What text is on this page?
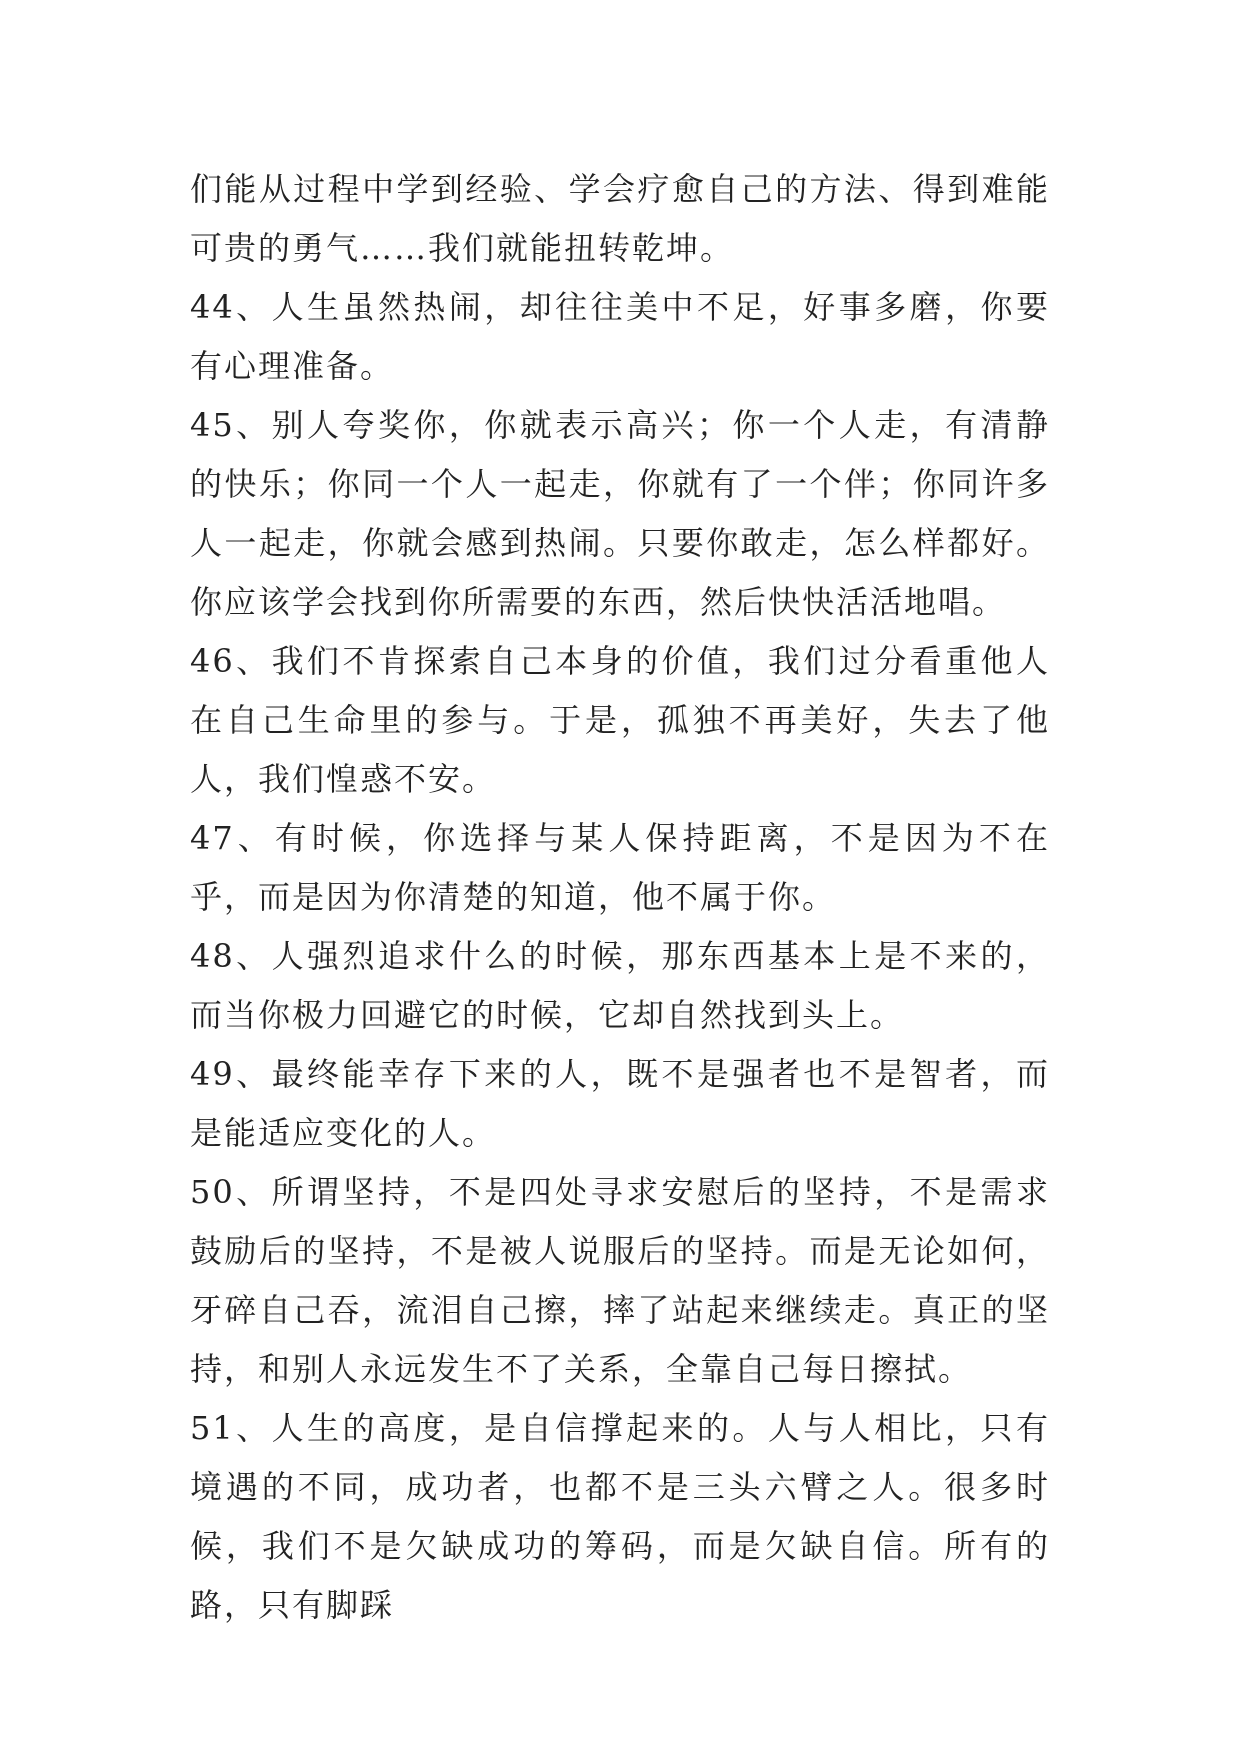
们能从过程中学到经验、学会疗愈自己的方法、得到难能可贵的勇气……我们就能扭转乾坤。

44、人生虽然热闹，却往往美中不足，好事多磨，你要有心理准备。

45、别人夸奖你，你就表示高兴；你一个人走，有清静的快乐；你同一个人一起走，你就有了一个伴；你同许多人一起走，你就会感到热闹。只要你敢走，怎么样都好。你应该学会找到你所需要的东西，然后快快活活地唱。

46、我们不肯探索自己本身的价值，我们过分看重他人在自己生命里的参与。于是，孤独不再美好，失去了他人，我们惶惑不安。

47、有时候，你选择与某人保持距离，不是因为不在乎，而是因为你清楚的知道，他不属于你。

48、人强烈追求什么的时候，那东西基本上是不来的， 而当你极力回避它的时候，它却自然找到头上。

49、最终能幸存下来的人，既不是强者也不是智者，而是能适应变化的人。

50、所谓坚持，不是四处寻求安慰后的坚持，不是需求鼓励后的坚持，不是被人说服后的坚持。而是无论如何，牙碎自己吞，流泪自己擦，摔了站起来继续走。真正的坚持，和别人永远发生不了关系，全靠自己每日擦拭。

51、人生的高度，是自信撑起来的。人与人相比，只有境遇的不同，成功者，也都不是三头六臂之人。很多时候，我们不是欠缺成功的筹码，而是欠缺自信。所有的路，只有脚踩
